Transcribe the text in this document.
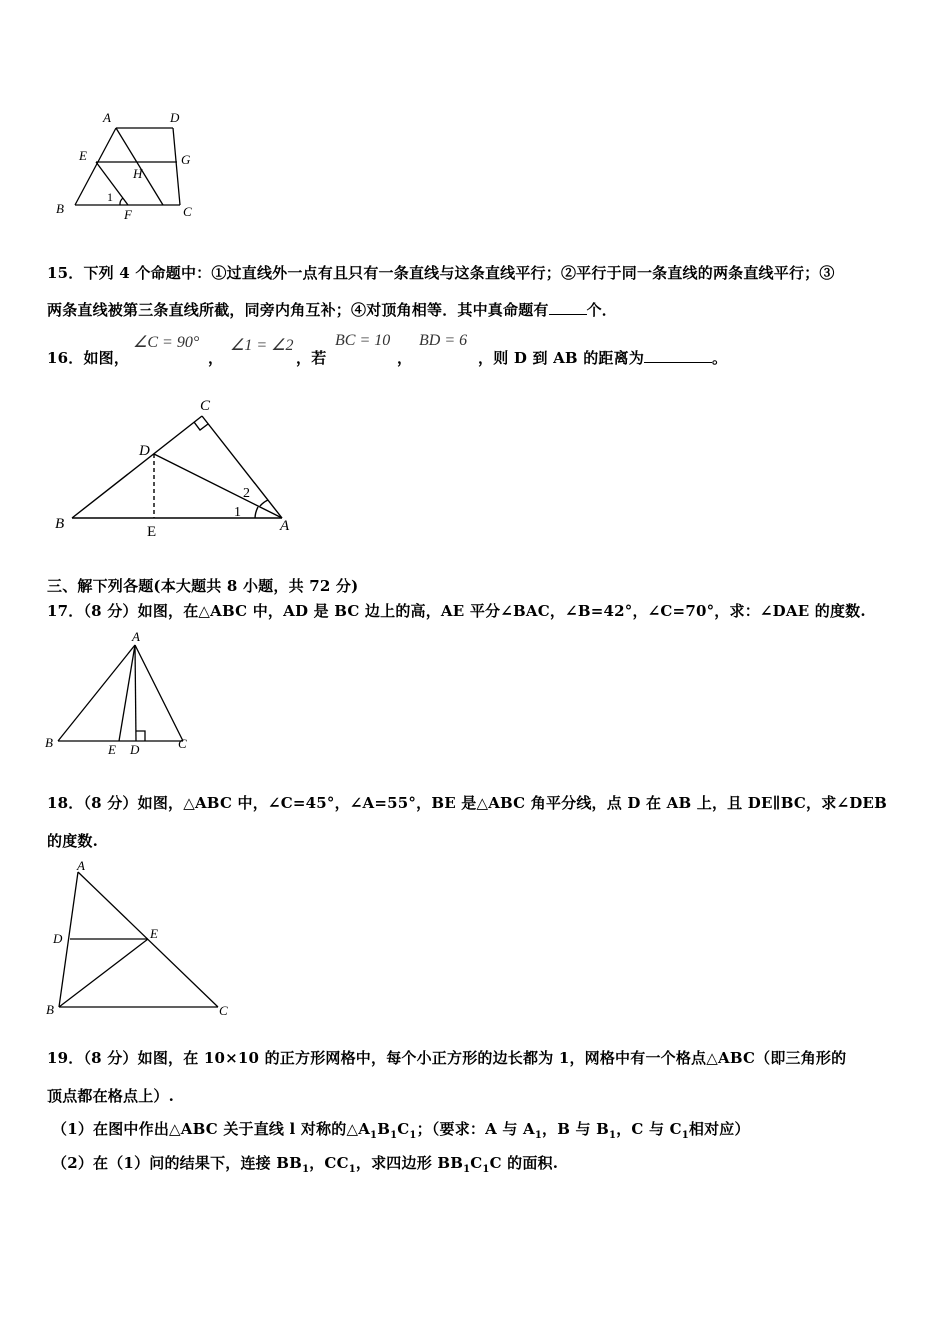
A	D
E	G
H
B	F	C
1
15．下列 4 个命题中：①过直线外一点有且只有一条直线与这条直线平行；②平行于同一条直线的两条直线平行；③
两条直线被第三条直线所截，同旁内角互补；④对顶角相等．其中真命题有	个．
16．如图，
∠C = 90°
，
∠1 = ∠2
，若
BC = 10
，
BD = 6
，则 D 到 AB 的距离为	。
C
D
B	E	A
1
2
三、解下列各题(本大题共 8 小题，共 72 分)
17．（8 分）如图，在△ABC 中，AD 是 BC 边上的高，AE 平分∠BAC，∠B=42°，∠C=70°，求：∠DAE 的度数.
A
B	E D	C
18．（8 分）如图，△ABC 中，∠C=45°，∠A=55°，BE 是△ABC 角平分线，点 D 在 AB 上，且 DE∥BC，求∠DEB
的度数.
A
D	E
B	C
19．（8 分）如图，在 10×10 的正方形网格中，每个小正方形的边长都为 1，网格中有一个格点△ABC（即三角形的
顶点都在格点上）.
（1）在图中作出△ABC 关于直线 l 对称的$\triangle A_1B_1C_1$；（要求：A 与 $A_1$，B 与 $B_1$，C 与 $C_1$相对应）
（2）在（1）问的结果下，连接 $BB_1$，$CC_1$，求四边形 $BB_1C_1C$ 的面积.
